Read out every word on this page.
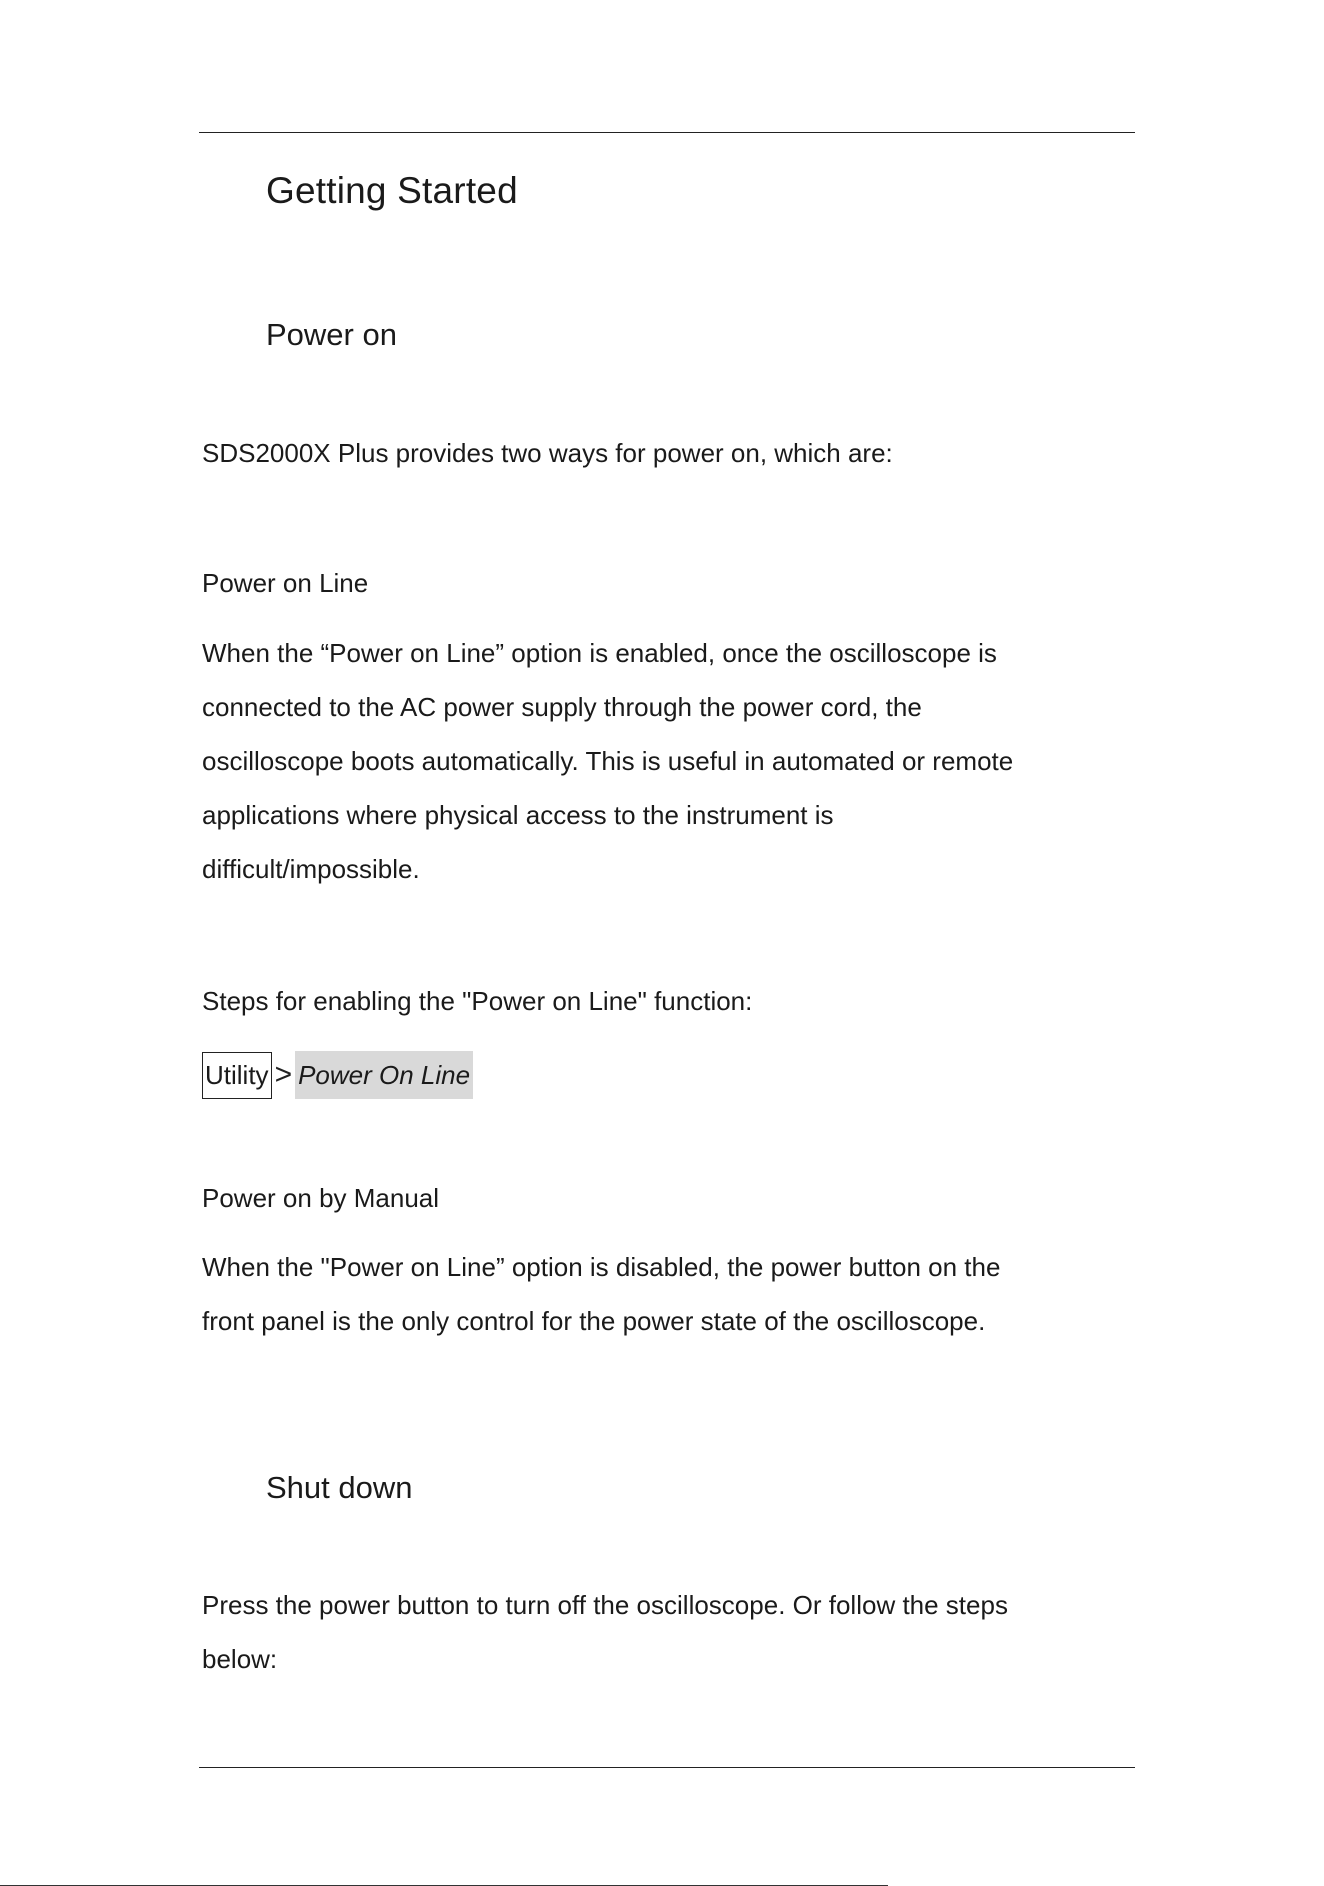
Getting Started
Power on

SDS2000X Plus provides two ways for power on, which are:

Power on Line
When the “Power on Line” option is enabled, once the oscilloscope is
connected to the AC power supply through the power cord, the
oscilloscope boots automatically. This is useful in automated or remote
applications where physical access to the instrument is
difficult/impossible.

Steps for enabling the "Power on Line" function:

Utility > Power On Line
Power on by Manual
When the "Power on Line” option is disabled, the power button on the
front panel is the only control for the power state of the oscilloscope.
Shut down
Press the power button to turn off the oscilloscope. Or follow the steps
below:
